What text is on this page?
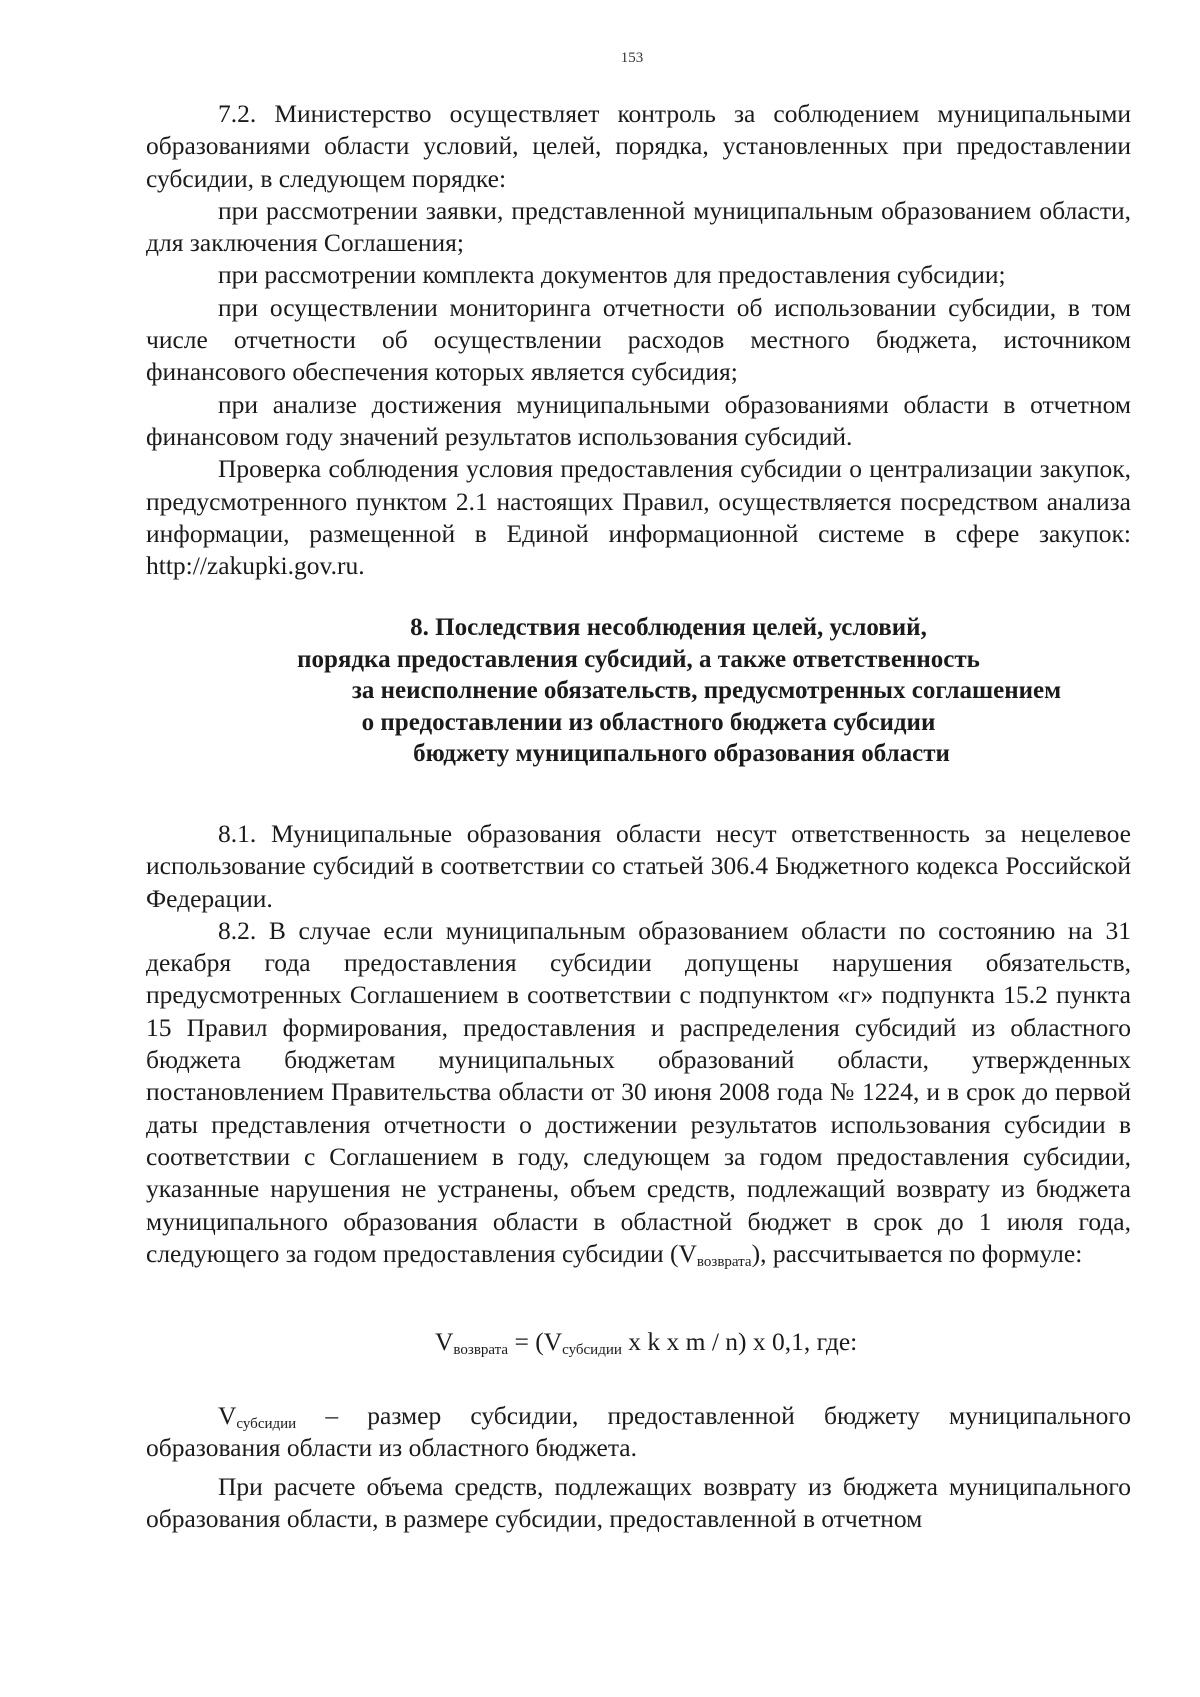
153

7.2. Министерство осуществляет контроль за соблюдением муниципальными образованиями области условий, целей, порядка, установленных при предоставлении субсидии, в следующем порядке:

при рассмотрении заявки, представленной муниципальным образованием области, для заключения Соглашения;

при рассмотрении комплекта документов для предоставления субсидии;

при осуществлении мониторинга отчетности об использовании субсидии, в том числе отчетности об осуществлении расходов местного бюджета, источником финансового обеспечения которых является субсидия;

при анализе достижения муниципальными образованиями области в отчетном финансовом году значений результатов использования субсидий.

Проверка соблюдения условия предоставления субсидии о централизации закупок, предусмотренного пунктом 2.1 настоящих Правил, осуществляется посредством анализа информации, размещенной в Единой информационной системе в сфере закупок: http://zakupki.gov.ru.

8. Последствия несоблюдения целей, условий,
порядка предоставления субсидий, а также ответственность
за неисполнение обязательств, предусмотренных соглашением
о предоставлении из областного бюджета субсидии
бюджету муниципального образования области

8.1. Муниципальные образования области несут ответственность за нецелевое использование субсидий в соответствии со статьей 306.4 Бюджетного кодекса Российской Федерации.

8.2. В случае если муниципальным образованием области по состоянию на 31 декабря года предоставления субсидии допущены нарушения обязательств, предусмотренных Соглашением в соответствии с подпунктом «г» подпункта 15.2 пункта 15 Правил формирования, предоставления и распределения субсидий из областного бюджета бюджетам муниципальных образований области, утвержденных постановлением Правительства области от 30 июня 2008 года № 1224, и в срок до первой даты представления отчетности о достижении результатов использования субсидии в соответствии с Соглашением в году, следующем за годом предоставления субсидии, указанные нарушения не устранены, объем средств, подлежащий возврату из бюджета муниципального образования области в областной бюджет в срок до 1 июля года, следующего за годом предоставления субсидии $(V_{возврата})$, рассчитывается по формуле:

$V_{возврата} = (V_{субсидии}$ x k x m / n) x 0,1, где:

$V_{субсидии}$ – размер субсидии, предоставленной бюджету муниципального образования области из областного бюджета.

При расчете объема средств, подлежащих возврату из бюджета муниципального образования области, в размере субсидии, предоставленной в отчетном
